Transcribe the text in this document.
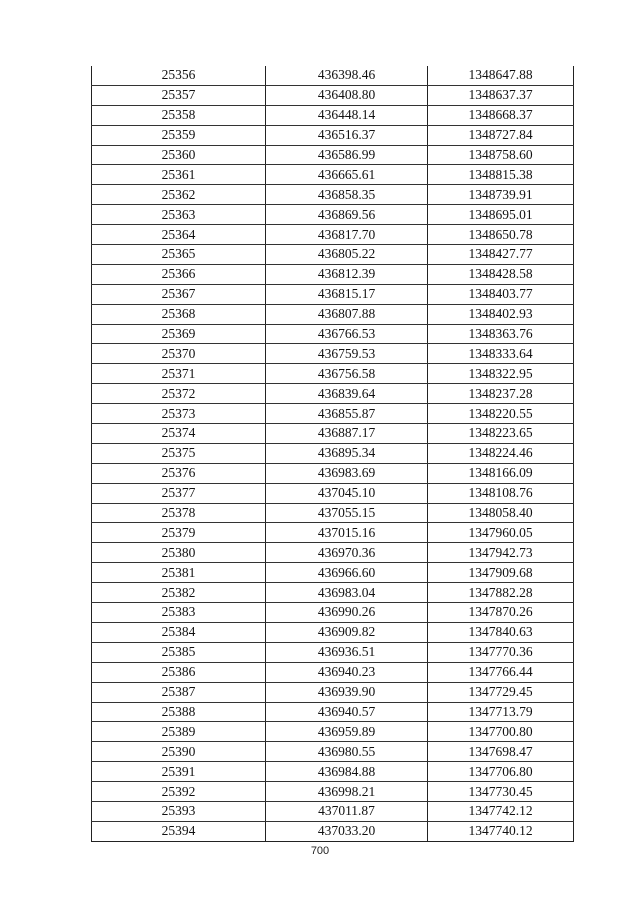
25356	436398.46	1348647.88
25357	436408.80	1348637.37
25358	436448.14	1348668.37
25359	436516.37	1348727.84
25360	436586.99	1348758.60
25361	436665.61	1348815.38
25362	436858.35	1348739.91
25363	436869.56	1348695.01
25364	436817.70	1348650.78
25365	436805.22	1348427.77
25366	436812.39	1348428.58
25367	436815.17	1348403.77
25368	436807.88	1348402.93
25369	436766.53	1348363.76
25370	436759.53	1348333.64
25371	436756.58	1348322.95
25372	436839.64	1348237.28
25373	436855.87	1348220.55
25374	436887.17	1348223.65
25375	436895.34	1348224.46
25376	436983.69	1348166.09
25377	437045.10	1348108.76
25378	437055.15	1348058.40
25379	437015.16	1347960.05
25380	436970.36	1347942.73
25381	436966.60	1347909.68
25382	436983.04	1347882.28
25383	436990.26	1347870.26
25384	436909.82	1347840.63
25385	436936.51	1347770.36
25386	436940.23	1347766.44
25387	436939.90	1347729.45
25388	436940.57	1347713.79
25389	436959.89	1347700.80
25390	436980.55	1347698.47
25391	436984.88	1347706.80
25392	436998.21	1347730.45
25393	437011.87	1347742.12
25394	437033.20	1347740.12
700
